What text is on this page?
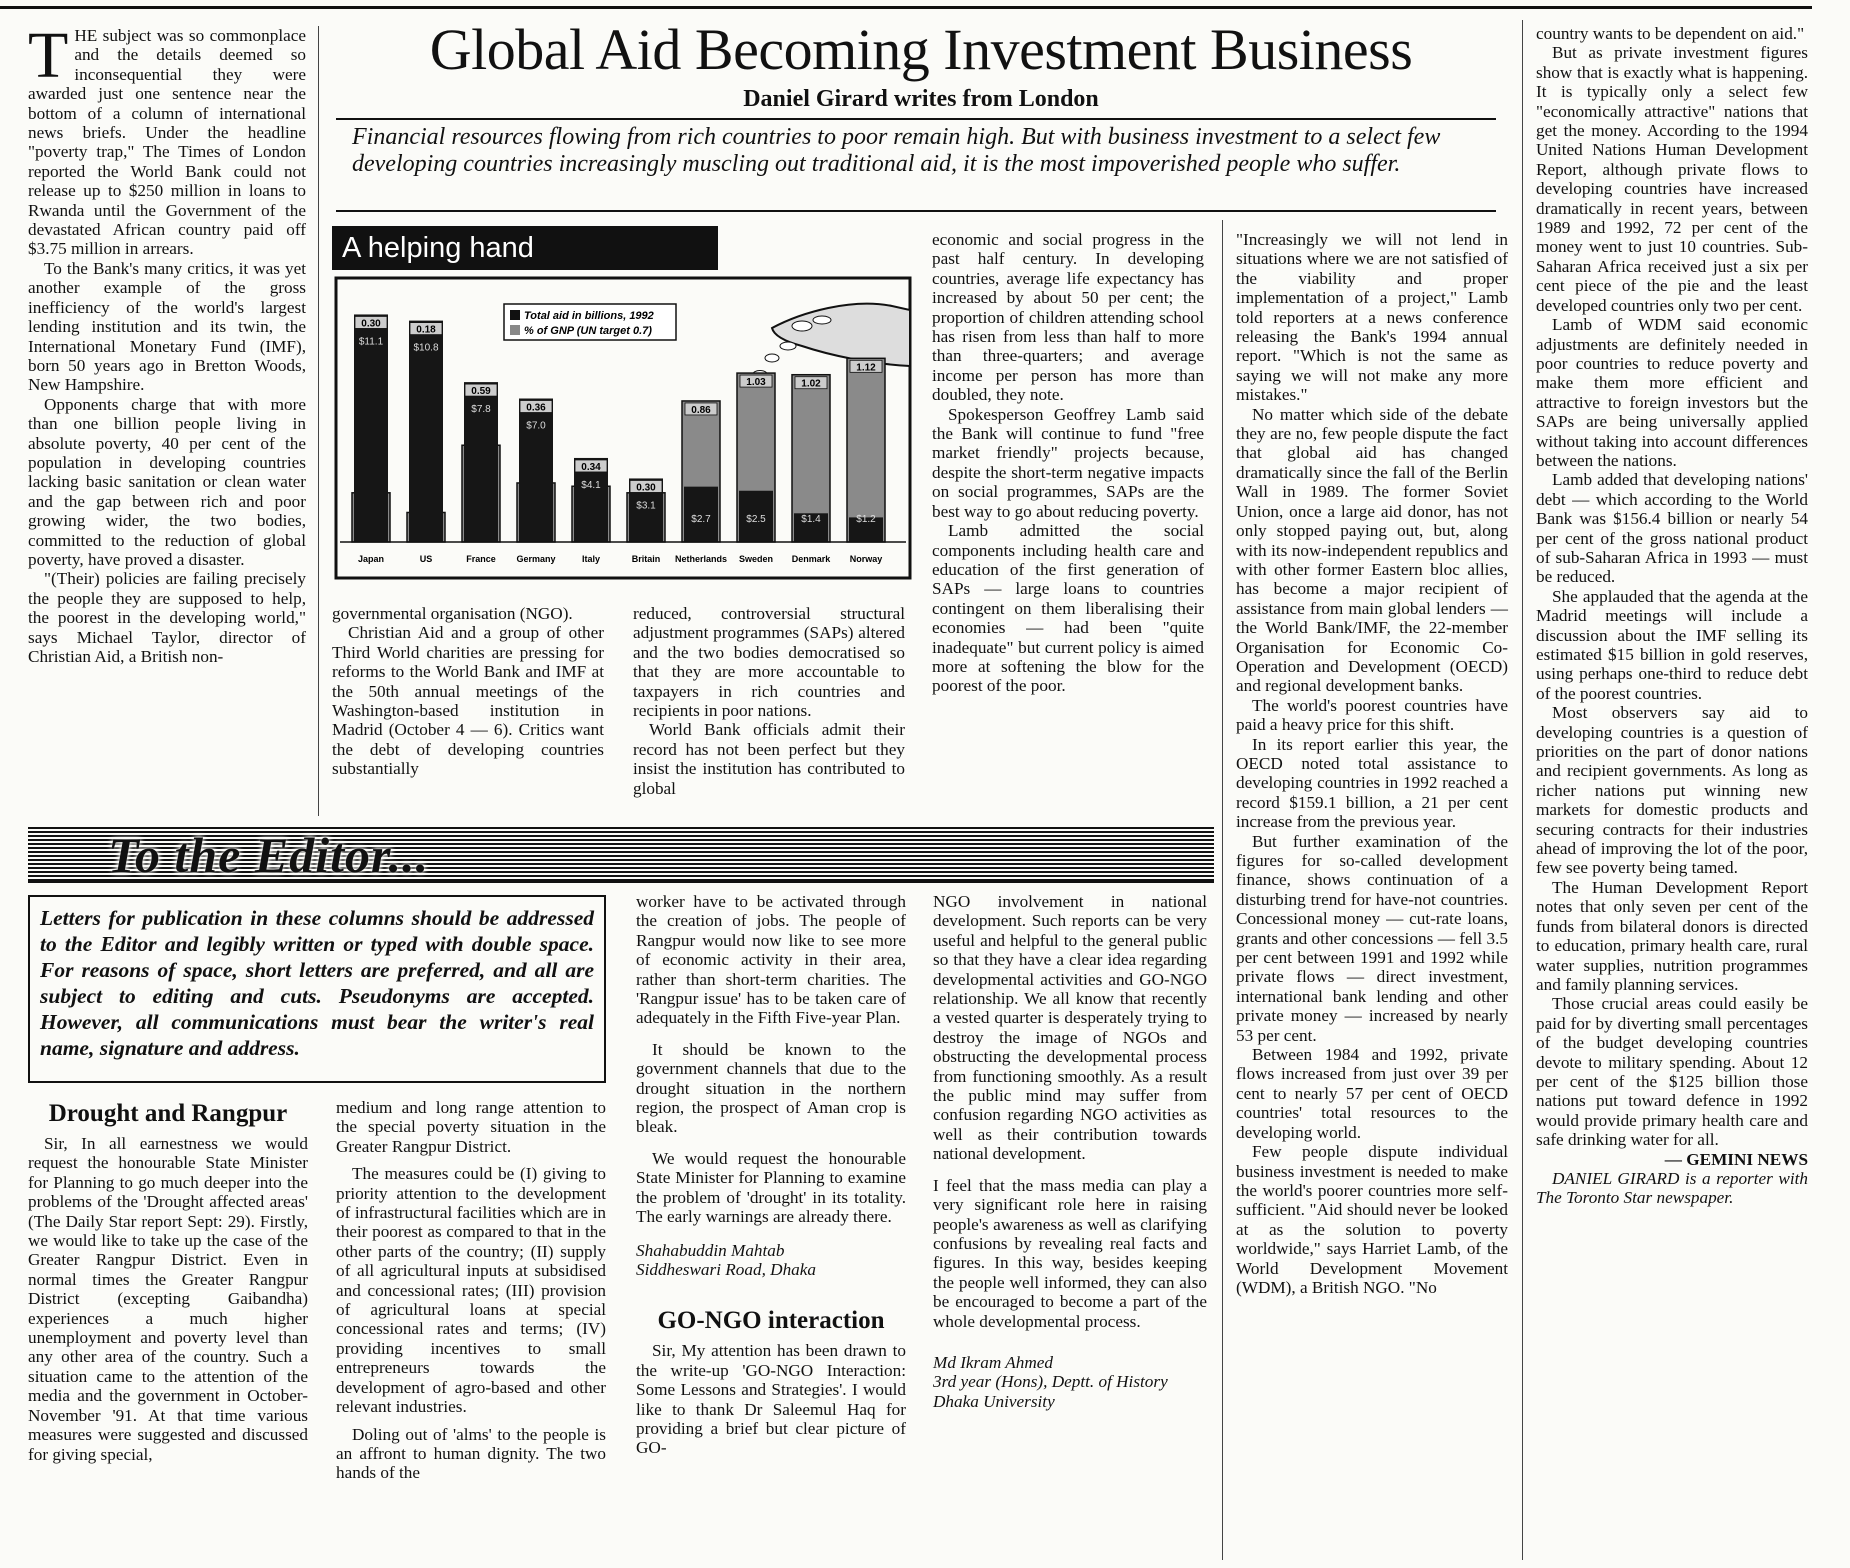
THE subject was so commonplace and the details deemed so inconsequential they were awarded just one sentence near the bottom of a column of international news briefs. Under the headline "poverty trap," The Times of London reported the World Bank could not release up to $250 million in loans to Rwanda until the Government of the devastated African country paid off $3.75 million in arrears.

To the Bank's many critics, it was yet another example of the gross inefficiency of the world's largest lending institution and its twin, the International Monetary Fund (IMF), born 50 years ago in Bretton Woods, New Hampshire.

Opponents charge that with more than one billion people living in absolute poverty, 40 per cent of the population in developing countries lacking basic sanitation or clean water and the gap between rich and poor growing wider, the two bodies, committed to the reduction of global poverty, have proved a disaster.

"(Their) policies are failing precisely the people they are supposed to help, the poorest in the developing world," says Michael Taylor, director of Christian Aid, a British non-

Global Aid Becoming Investment Business
Daniel Girard writes from London
Financial resources flowing from rich countries to poor remain high. But with business investment to a select few developing countries increasingly muscling out traditional aid, it is the most impoverished people who suffer.
A helping hand
Total aid in billions, 1992
% of GNP (UN target 0.7)
0.30
$11.1
Japan
0.18
$10.8
US
0.59
$7.8
France
0.36
$7.0
Germany
0.34
$4.1
Italy
0.30
$3.1
Britain
0.86
$2.7
Netherlands
1.03
$2.5
Sweden
1.02
$1.4
Denmark
1.12
$1.2
Norway

governmental organisation (NGO).

Christian Aid and a group of other Third World charities are pressing for reforms to the World Bank and IMF at the 50th annual meetings of the Washington-based institution in Madrid (October 4 — 6). Critics want the debt of developing countries substantially

reduced, controversial structural adjustment programmes (SAPs) altered and the two bodies democratised so that they are more accountable to taxpayers in rich countries and recipients in poor nations.

World Bank officials admit their record has not been perfect but they insist the institution has contributed to global

economic and social progress in the past half century. In developing countries, average life expectancy has increased by about 50 per cent; the proportion of children attending school has risen from less than half to more than three-quarters; and average income per person has more than doubled, they note.

Spokesperson Geoffrey Lamb said the Bank will continue to fund "free market friendly" projects because, despite the short-term negative impacts on social programmes, SAPs are the best way to go about reducing poverty.

Lamb admitted the social components including health care and education of the first generation of SAPs — large loans to countries contingent on them liberalising their economies — had been "quite inadequate" but current policy is aimed more at softening the blow for the poorest of the poor.

"Increasingly we will not lend in situations where we are not satisfied of the viability and proper implementation of a project," Lamb told reporters at a news conference releasing the Bank's 1994 annual report. "Which is not the same as saying we will not make any more mistakes."

No matter which side of the debate they are no, few people dispute the fact that global aid has changed dramatically since the fall of the Berlin Wall in 1989. The former Soviet Union, once a large aid donor, has not only stopped paying out, but, along with its now-independent republics and with other former Eastern bloc allies, has become a major recipient of assistance from main global lenders — the World Bank/IMF, the 22-member Organisation for Economic Co-Operation and Development (OECD) and regional development banks.

The world's poorest countries have paid a heavy price for this shift.

In its report earlier this year, the OECD noted total assistance to developing countries in 1992 reached a record $159.1 billion, a 21 per cent increase from the previous year.

But further examination of the figures for so-called development finance, shows continuation of a disturbing trend for have-not countries. Concessional money — cut-rate loans, grants and other concessions — fell 3.5 per cent between 1991 and 1992 while private flows — direct investment, international bank lending and other private money — increased by nearly 53 per cent.

Between 1984 and 1992, private flows increased from just over 39 per cent to nearly 57 per cent of OECD countries' total resources to the developing world.

Few people dispute individual business investment is needed to make the world's poorer countries more self-sufficient. "Aid should never be looked at as the solution to poverty worldwide," says Harriet Lamb, of the World Development Movement (WDM), a British NGO. "No

country wants to be dependent on aid."

But as private investment figures show that is exactly what is happening. It is typically only a select few "economically attractive" nations that get the money. According to the 1994 United Nations Human Development Report, although private flows to developing countries have increased dramatically in recent years, between 1989 and 1992, 72 per cent of the money went to just 10 countries. Sub-Saharan Africa received just a six per cent piece of the pie and the least developed countries only two per cent.

Lamb of WDM said economic adjustments are definitely needed in poor countries to reduce poverty and make them more efficient and attractive to foreign investors but the SAPs are being universally applied without taking into account differences between the nations.

Lamb added that developing nations' debt — which according to the World Bank was $156.4 billion or nearly 54 per cent of the gross national product of sub-Saharan Africa in 1993 — must be reduced.

She applauded that the agenda at the Madrid meetings will include a discussion about the IMF selling its estimated $15 billion in gold reserves, using perhaps one-third to reduce debt of the poorest countries.

Most observers say aid to developing countries is a question of priorities on the part of donor nations and recipient governments. As long as richer nations put winning new markets for domestic products and securing contracts for their industries ahead of improving the lot of the poor, few see poverty being tamed.

The Human Development Report notes that only seven per cent of the funds from bilateral donors is directed to education, primary health care, rural water supplies, nutrition programmes and family planning services.

Those crucial areas could easily be paid for by diverting small percentages of the budget developing countries devote to military spending. About 12 per cent of the $125 billion those nations put toward defence in 1992 would provide primary health care and safe drinking water for all.

— GEMINI NEWS

DANIEL GIRARD is a reporter with The Toronto Star newspaper.

To the Editor...
Letters for publication in these columns should be addressed to the Editor and legibly written or typed with double space. For reasons of space, short letters are preferred, and all are subject to editing and cuts. Pseudonyms are accepted. However, all communications must bear the writer's real name, signature and address.

Drought and Rangpur

Sir, In all earnestness we would request the honourable State Minister for Planning to go much deeper into the problems of the 'Drought affected areas' (The Daily Star report Sept: 29). Firstly, we would like to take up the case of the Greater Rangpur District. Even in normal times the Greater Rangpur District (excepting Gaibandha) experiences a much higher unemployment and poverty level than any other area of the country. Such a situation came to the attention of the media and the government in October-November '91. At that time various measures were suggested and discussed for giving special,

medium and long range attention to the special poverty situation in the Greater Rangpur District.

The measures could be (I) giving to priority attention to the development of infrastructural facilities which are in their poorest as compared to that in the other parts of the country; (II) supply of all agricultural inputs at subsidised and concessional rates; (III) provision of agricultural loans at special concessional rates and terms; (IV) providing incentives to small entrepreneurs towards the development of agro-based and other relevant industries.

Doling out of 'alms' to the people is an affront to human dignity. The two hands of the

worker have to be activated through the creation of jobs. The people of Rangpur would now like to see more of economic activity in their area, rather than short-term charities. The 'Rangpur issue' has to be taken care of adequately in the Fifth Five-year Plan.

It should be known to the government channels that due to the drought situation in the northern region, the prospect of Aman crop is bleak.

We would request the honourable State Minister for Planning to examine the problem of 'drought' in its totality. The early warnings are already there.

Shahabuddin Mahtab

Siddheswari Road, Dhaka

GO-NGO interaction

Sir, My attention has been drawn to the write-up 'GO-NGO Interaction: Some Lessons and Strategies'. I would like to thank Dr Saleemul Haq for providing a brief but clear picture of GO-

NGO involvement in national development. Such reports can be very useful and helpful to the general public so that they have a clear idea regarding developmental activities and GO-NGO relationship. We all know that recently a vested quarter is desperately trying to destroy the image of NGOs and obstructing the developmental process from functioning smoothly. As a result the public mind may suffer from confusion regarding NGO activities as well as their contribution towards national development.

I feel that the mass media can play a very significant role here in raising people's awareness as well as clarifying confusions by revealing real facts and figures. In this way, besides keeping the people well informed, they can also be encouraged to become a part of the whole developmental process.

Md Ikram Ahmed

3rd year (Hons), Deptt. of History

Dhaka University
